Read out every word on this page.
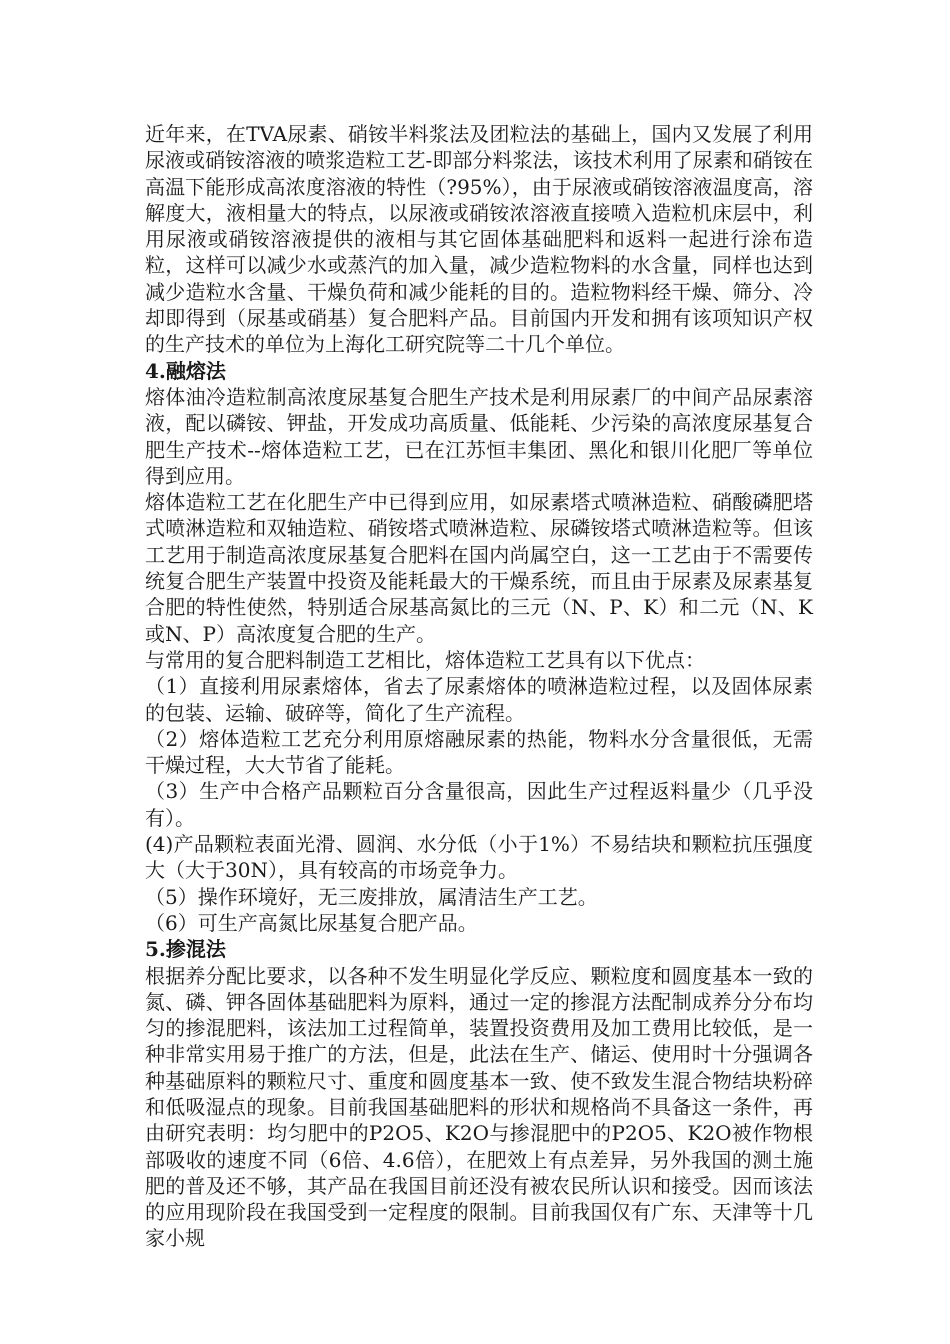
近年来，在TVA尿素、硝铵半料浆法及团粒法的基础上，国内又发展了利用尿液或硝铵溶液的喷浆造粒工艺-即部分料浆法，该技术利用了尿素和硝铵在高温下能形成高浓度溶液的特性（?95%），由于尿液或硝铵溶液温度高，溶解度大，液相量大的特点，以尿液或硝铵浓溶液直接喷入造粒机床层中，利用尿液或硝铵溶液提供的液相与其它固体基础肥料和返料一起进行涂布造粒，这样可以减少水或蒸汽的加入量，减少造粒物料的水含量，同样也达到减少造粒水含量、干燥负荷和减少能耗的目的。造粒物料经干燥、筛分、冷却即得到（尿基或硝基）复合肥料产品。目前国内开发和拥有该项知识产权的生产技术的单位为上海化工研究院等二十几个单位。

4.融熔法

熔体油冷造粒制高浓度尿基复合肥生产技术是利用尿素厂的中间产品尿素溶液，配以磷铵、钾盐，开发成功高质量、低能耗、少污染的高浓度尿基复合肥生产技术--熔体造粒工艺，已在江苏恒丰集团、黑化和银川化肥厂等单位得到应用。

熔体造粒工艺在化肥生产中已得到应用，如尿素塔式喷淋造粒、硝酸磷肥塔式喷淋造粒和双轴造粒、硝铵塔式喷淋造粒、尿磷铵塔式喷淋造粒等。但该工艺用于制造高浓度尿基复合肥料在国内尚属空白，这一工艺由于不需要传统复合肥生产装置中投资及能耗最大的干燥系统，而且由于尿素及尿素基复合肥的特性使然，特别适合尿基高氮比的三元（N、P、K）和二元（N、K或N、P）高浓度复合肥的生产。

与常用的复合肥料制造工艺相比，熔体造粒工艺具有以下优点：

（1）直接利用尿素熔体，省去了尿素熔体的喷淋造粒过程，以及固体尿素的包装、运输、破碎等，简化了生产流程。

（2）熔体造粒工艺充分利用原熔融尿素的热能，物料水分含量很低，无需干燥过程，大大节省了能耗。

（3）生产中合格产品颗粒百分含量很高，因此生产过程返料量少（几乎没有）。

(4)产品颗粒表面光滑、圆润、水分低（小于1%）不易结块和颗粒抗压强度大（大于30N），具有较高的市场竞争力。

（5）操作环境好，无三废排放，属清洁生产工艺。

（6）可生产高氮比尿基复合肥产品。

5.掺混法

根据养分配比要求，以各种不发生明显化学反应、颗粒度和圆度基本一致的氮、磷、钾各固体基础肥料为原料，通过一定的掺混方法配制成养分分布均匀的掺混肥料，该法加工过程简单，装置投资费用及加工费用比较低，是一种非常实用易于推广的方法，但是，此法在生产、储运、使用时十分强调各种基础原料的颗粒尺寸、重度和圆度基本一致、使不致发生混合物结块粉碎和低吸湿点的现象。目前我国基础肥料的形状和规格尚不具备这一条件，再由研究表明：均匀肥中的P2O5、K2O与掺混肥中的P2O5、K2O被作物根部吸收的速度不同（6倍、4.6倍），在肥效上有点差异，另外我国的测土施肥的普及还不够，其产品在我国目前还没有被农民所认识和接受。因而该法的应用现阶段在我国受到一定程度的限制。目前我国仅有广东、天津等十几家小规
